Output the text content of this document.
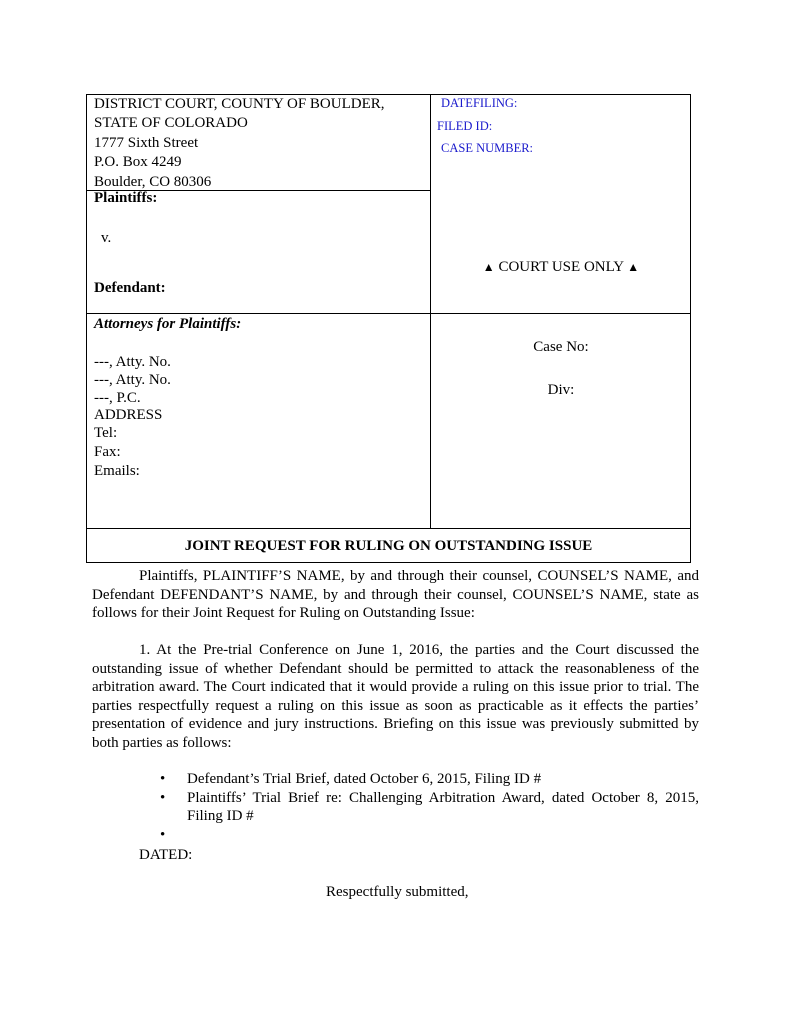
DISTRICT COURT, COUNTY OF BOULDER,
STATE OF COLORADO
1777 Sixth Street
P.O. Box 4249
Boulder, CO 80306
Plaintiffs:
v.
Defendant:
DATEFILING:
FILED ID:
CASE NUMBER:
▲ COURT USE ONLY ▲
Attorneys for Plaintiffs:
---, Atty. No.
---, Atty. No.
---, P.C.
ADDRESS
Tel:
Fax:
Emails:
Case No:
Div:
JOINT REQUEST FOR RULING ON OUTSTANDING ISSUE
Plaintiffs, PLAINTIFF’S NAME, by and through their counsel, COUNSEL’S NAME, and Defendant DEFENDANT’S NAME, by and through their counsel, COUNSEL’S NAME, state as follows for their Joint Request for Ruling on Outstanding Issue:
1. At the Pre-trial Conference on June 1, 2016, the parties and the Court discussed the outstanding issue of whether Defendant should be permitted to attack the reasonableness of the arbitration award. The Court indicated that it would provide a ruling on this issue prior to trial. The parties respectfully request a ruling on this issue as soon as practicable as it effects the parties’ presentation of evidence and jury instructions. Briefing on this issue was previously submitted by both parties as follows:
• Defendant’s Trial Brief, dated October 6, 2015, Filing ID #
• Plaintiffs’ Trial Brief re: Challenging Arbitration Award, dated October 8, 2015, Filing ID #
•
DATED:
Respectfully submitted,
